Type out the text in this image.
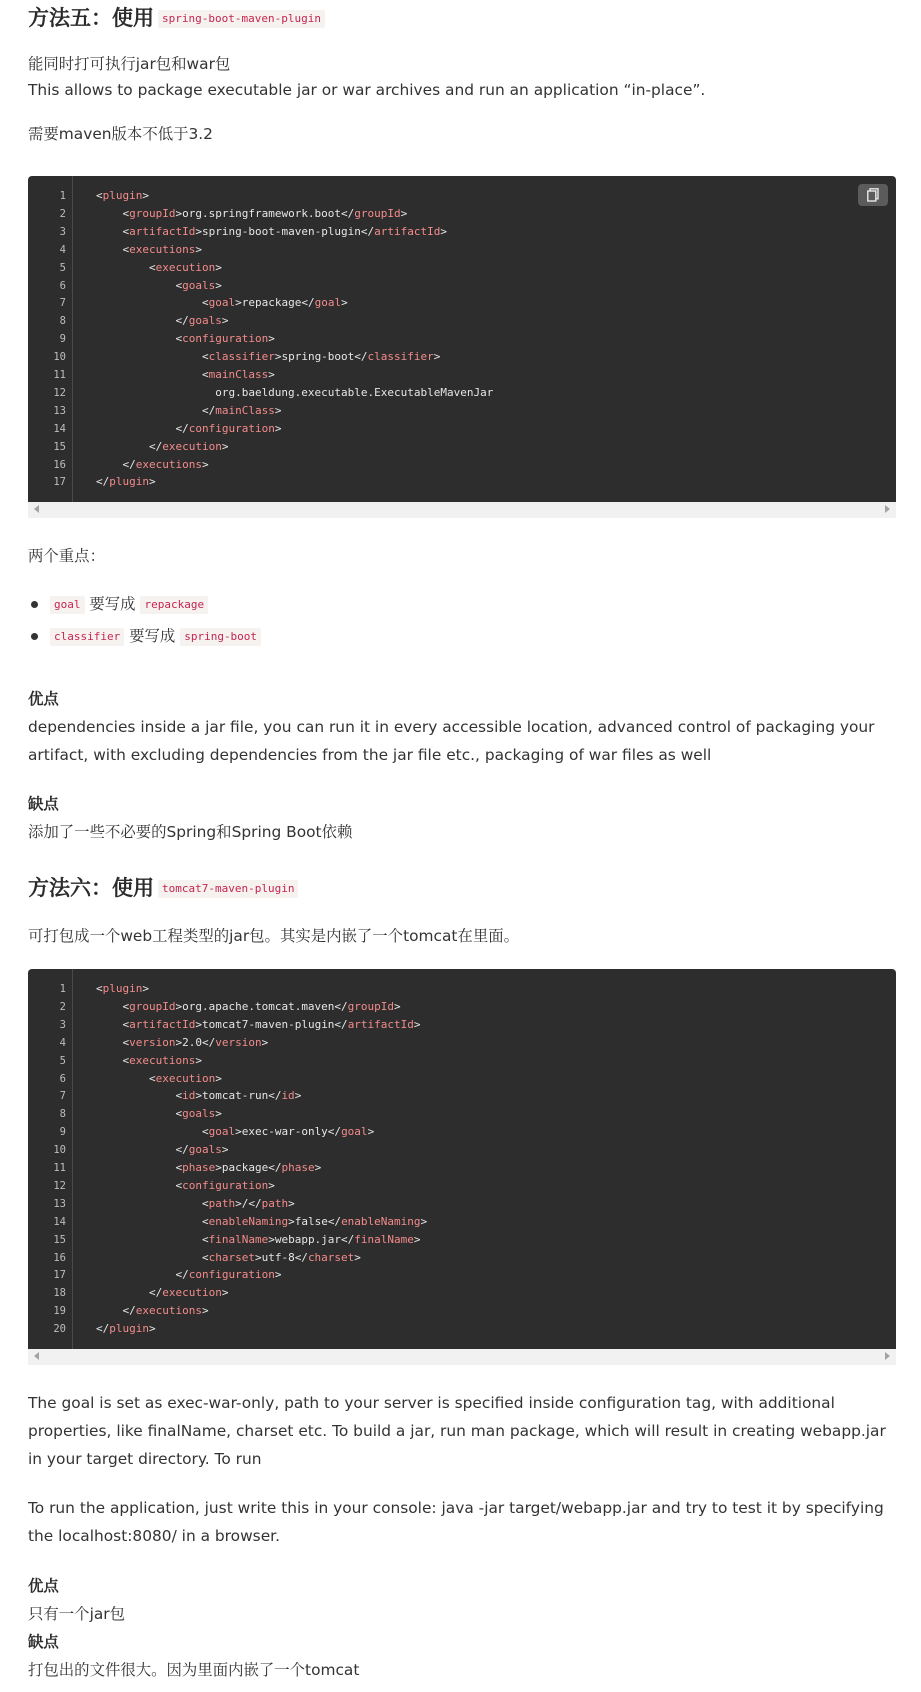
方法五：使用 spring-boot-maven-plugin
能同时打可执行jar包和war包
This allows to package executable jar or war archives and run an application “in-place”.
需要maven版本不低于3.2
1
2
3
4
5
6
7
8
9
10
11
12
13
14
15
16
17
<plugin>
<groupId>org.springframework.boot</groupId>
<artifactId>spring-boot-maven-plugin</artifactId>
<executions>
<execution>
<goals>
<goal>repackage</goal>
</goals>
<configuration>
<classifier>spring-boot</classifier>
<mainClass>
org.baeldung.executable.ExecutableMavenJar
</mainClass>
</configuration>
</execution>
</executions>
</plugin>
两个重点：
goal 要写成 repackage
classifier 要写成 spring-boot
优点
dependencies inside a jar file, you can run it in every accessible location, advanced control of packaging your artifact, with excluding dependencies from the jar file etc., packaging of war files as well
缺点
添加了一些不必要的Spring和Spring Boot依赖
方法六：使用 tomcat7-maven-plugin
可打包成一个web工程类型的jar包。其实是内嵌了一个tomcat在里面。
1
2
3
4
5
6
7
8
9
10
11
12
13
14
15
16
17
18
19
20
<plugin>
<groupId>org.apache.tomcat.maven</groupId>
<artifactId>tomcat7-maven-plugin</artifactId>
<version>2.0</version>
<executions>
<execution>
<id>tomcat-run</id>
<goals>
<goal>exec-war-only</goal>
</goals>
<phase>package</phase>
<configuration>
<path>/</path>
<enableNaming>false</enableNaming>
<finalName>webapp.jar</finalName>
<charset>utf-8</charset>
</configuration>
</execution>
</executions>
</plugin>
The goal is set as exec-war-only, path to your server is specified inside configuration tag, with additional properties, like finalName, charset etc. To build a jar, run man package, which will result in creating webapp.jar in your target directory. To run
To run the application, just write this in your console: java -jar target/webapp.jar and try to test it by specifying the localhost:8080/ in a browser.
优点
只有一个jar包
缺点
打包出的文件很大。因为里面内嵌了一个tomcat
